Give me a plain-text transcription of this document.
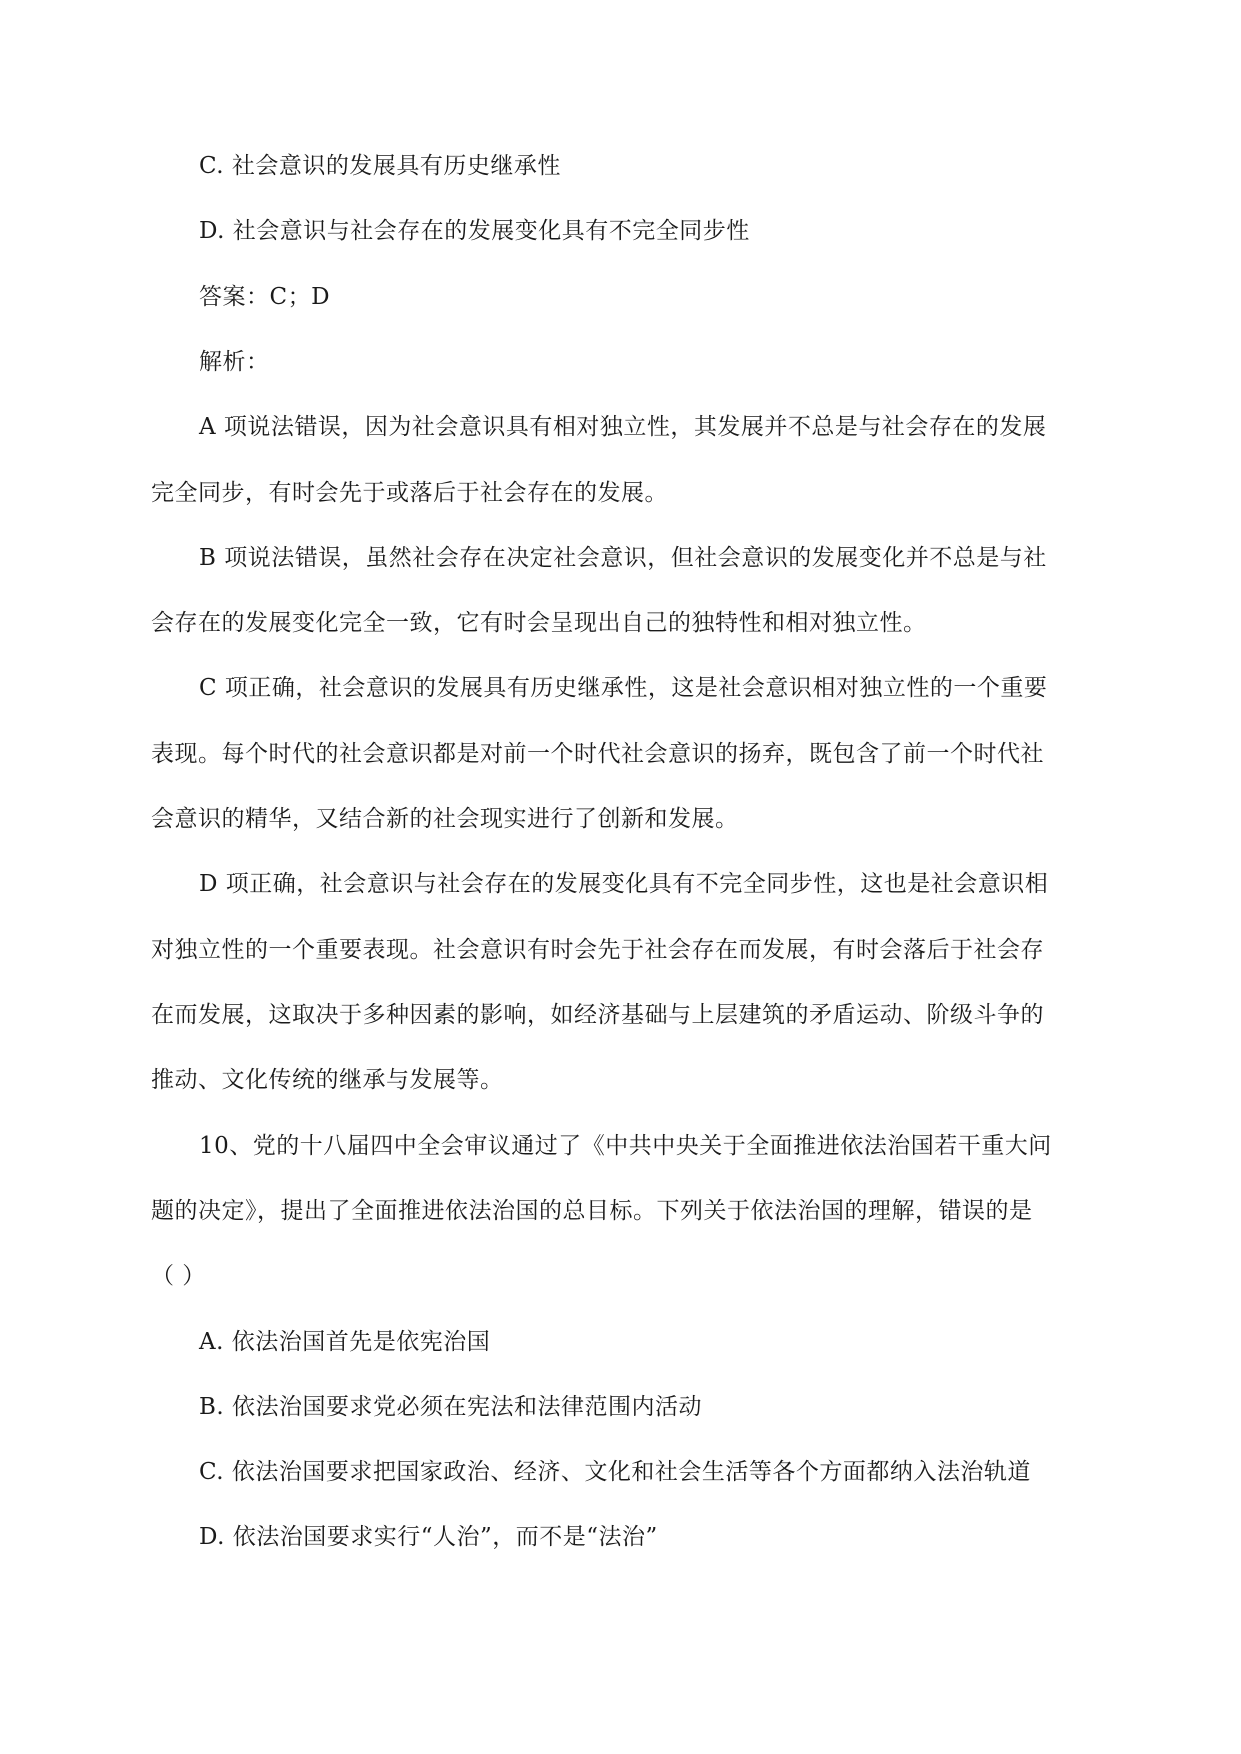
C. 社会意识的发展具有历史继承性
D. 社会意识与社会存在的发展变化具有不完全同步性
答案：C；D
解析：
A 项说法错误，因为社会意识具有相对独立性，其发展并不总是与社会存在的发展
完全同步，有时会先于或落后于社会存在的发展。
B 项说法错误，虽然社会存在决定社会意识，但社会意识的发展变化并不总是与社
会存在的发展变化完全一致，它有时会呈现出自己的独特性和相对独立性。
C 项正确，社会意识的发展具有历史继承性，这是社会意识相对独立性的一个重要
表现。每个时代的社会意识都是对前一个时代社会意识的扬弃，既包含了前一个时代社
会意识的精华，又结合新的社会现实进行了创新和发展。
D 项正确，社会意识与社会存在的发展变化具有不完全同步性，这也是社会意识相
对独立性的一个重要表现。社会意识有时会先于社会存在而发展，有时会落后于社会存
在而发展，这取决于多种因素的影响，如经济基础与上层建筑的矛盾运动、阶级斗争的
推动、文化传统的继承与发展等。
10、党的十八届四中全会审议通过了《中共中央关于全面推进依法治国若干重大问
题的决定》，提出了全面推进依法治国的总目标。下列关于依法治国的理解，错误的是
（ ）
A. 依法治国首先是依宪治国
B. 依法治国要求党必须在宪法和法律范围内活动
C. 依法治国要求把国家政治、经济、文化和社会生活等各个方面都纳入法治轨道
D. 依法治国要求实行“人治”，而不是“法治”
